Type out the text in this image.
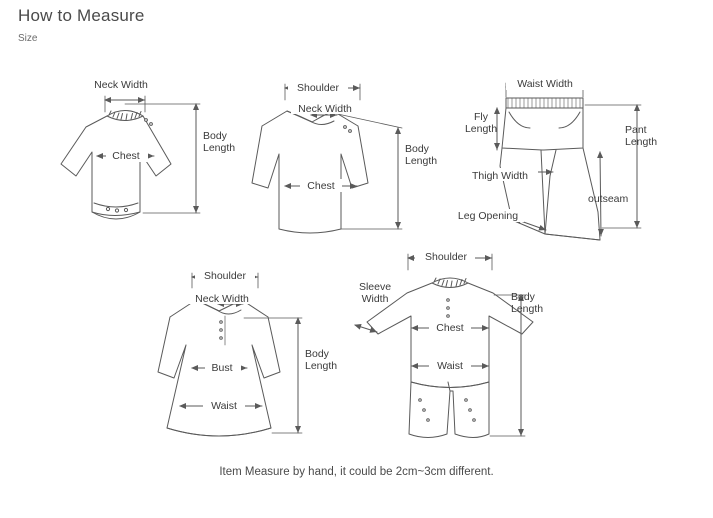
How to Measure
Size
Neck Width
Chest
Body
Length
Shoulder
Neck Width
Chest
Body
Length
Waist Width
Fly
Length
Thigh Width
Leg Opening
outseam
Pant
Length
Shoulder
Neck Width
Bust
Waist
Body
Length
Shoulder
Sleeve
Width
Chest
Waist
Body
Length
Item Measure by hand, it could be 2cm~3cm different.
